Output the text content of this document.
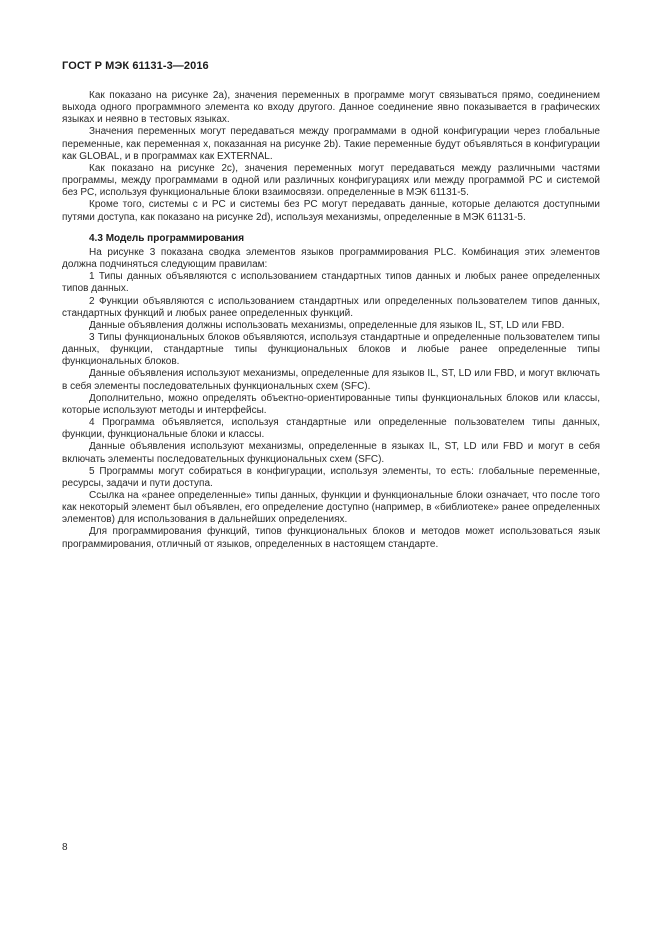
ГОСТ Р МЭК 61131-3—2016

Как показано на рисунке 2a), значения переменных в программе могут связываться прямо, соединением выхода одного программного элемента ко входу другого. Данное соединение явно показывается в графических языках и неявно в тестовых языках.

Значения переменных могут передаваться между программами в одной конфигурации через глобальные переменные, как переменная x, показанная на рисунке 2b). Такие переменные будут объявляться в конфигурации как GLOBAL, и в программах как EXTERNAL.

Как показано на рисунке 2c), значения переменных могут передаваться между различными частями программы, между программами в одной или различных конфигурациях или между программой PC и системой без PC, используя функциональные блоки взаимосвязи. определенные в МЭК 61131-5.

Кроме того, системы с и PC и системы без PC могут передавать данные, которые делаются доступными путями доступа, как показано на рисунке 2d), используя механизмы, определенные в МЭК 61131-5.

4.3 Модель программирования

На рисунке 3 показана сводка элементов языков программирования PLC. Комбинация этих элементов должна подчиняться следующим правилам:

1 Типы данных объявляются с использованием стандартных типов данных и любых ранее определенных типов данных.

2 Функции объявляются с использованием стандартных или определенных пользователем типов данных, стандартных функций и любых ранее определенных функций.

Данные объявления должны использовать механизмы, определенные для языков IL, ST, LD или FBD.

3 Типы функциональных блоков объявляются, используя стандартные и определенные пользователем типы данных, функции, стандартные типы функциональных блоков и любые ранее определенные типы функциональных блоков.

Данные объявления используют механизмы, определенные для языков IL, ST, LD или FBD, и могут включать в себя элементы последовательных функциональных схем (SFC).

Дополнительно, можно определять объектно-ориентированные типы функциональных блоков или классы, которые используют методы и интерфейсы.

4 Программа объявляется, используя стандартные или определенные пользователем типы данных, функции, функциональные блоки и классы.

Данные объявления используют механизмы, определенные в языках IL, ST, LD или FBD и могут в себя включать элементы последовательных функциональных схем (SFC).

5 Программы могут собираться в конфигурации, используя элементы, то есть: глобальные переменные, ресурсы, задачи и пути доступа.

Ссылка на «ранее определенные» типы данных, функции и функциональные блоки означает, что после того как некоторый элемент был объявлен, его определение доступно (например, в «библиотеке» ранее определенных элементов) для использования в дальнейших определениях.

Для программирования функций, типов функциональных блоков и методов может использоваться язык программирования, отличный от языков, определенных в настоящем стандарте.

8
